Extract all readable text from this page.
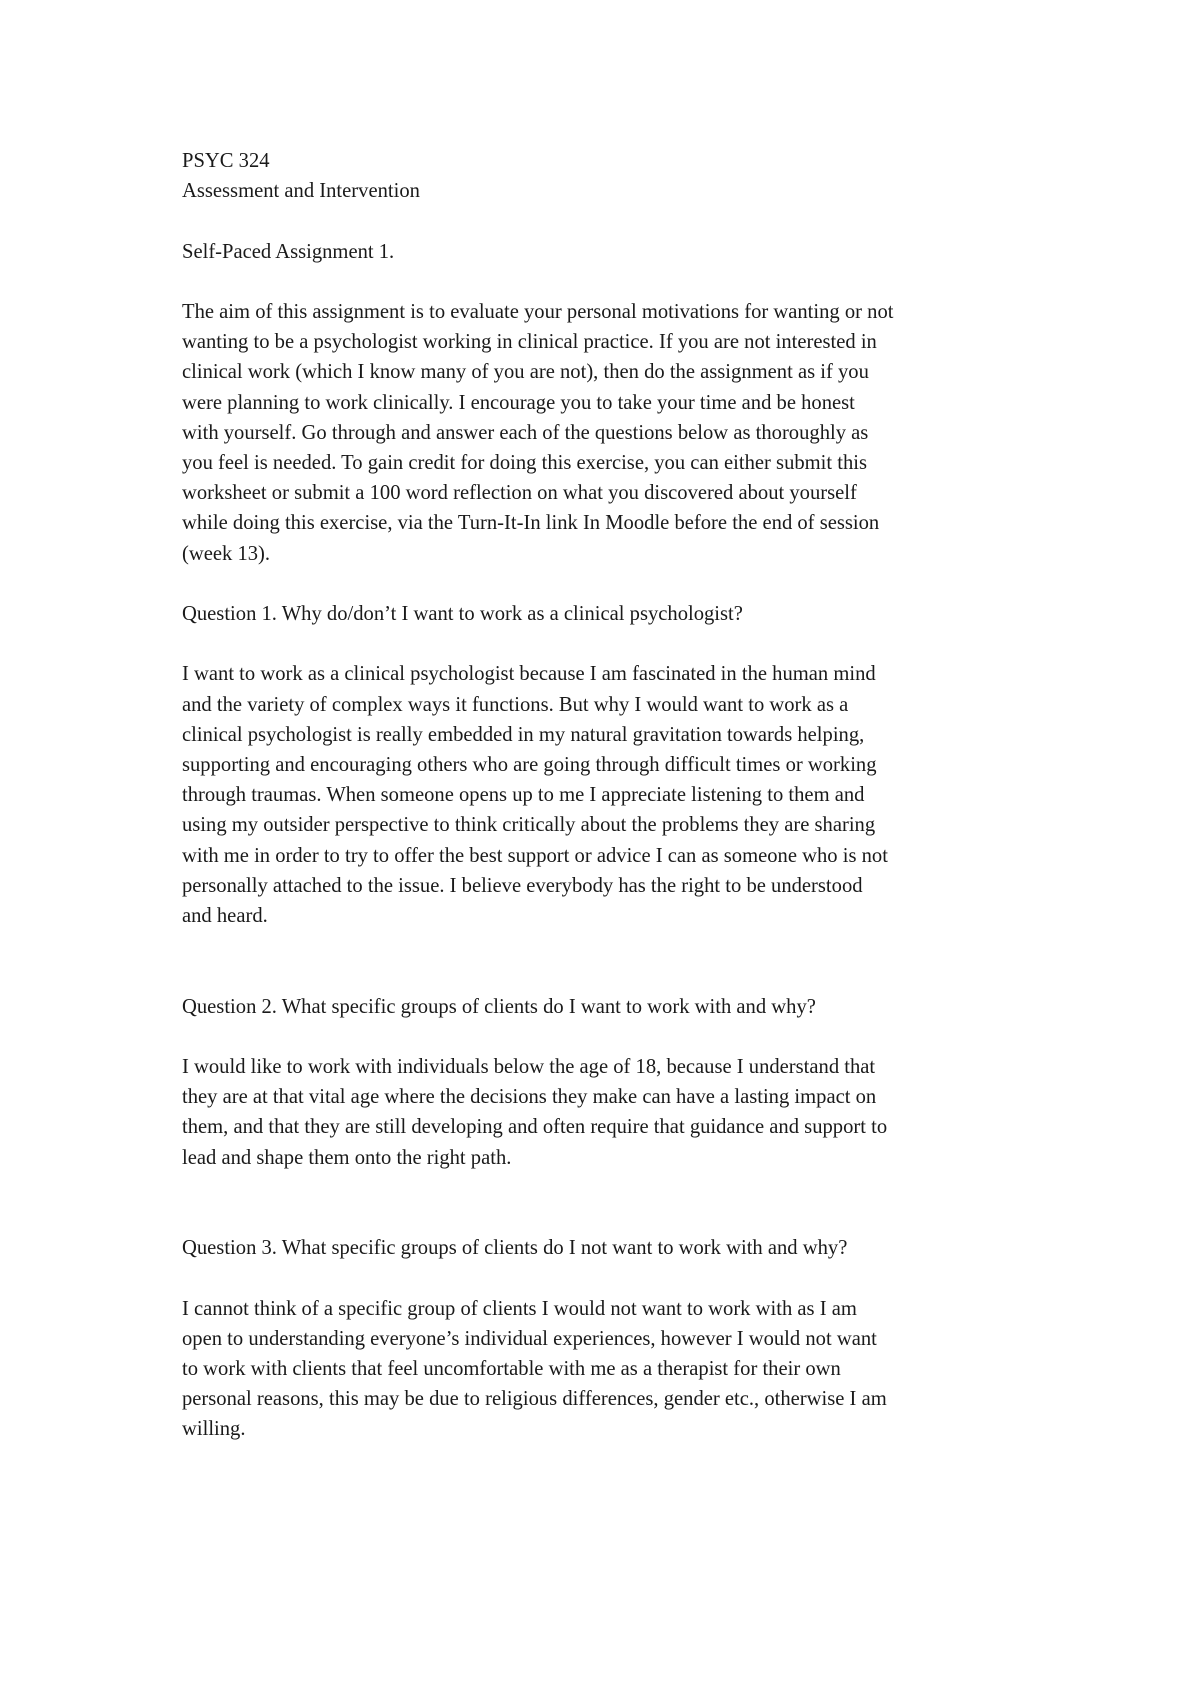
PSYC 324

Assessment and Intervention

Self-Paced Assignment 1.

The aim of this assignment is to evaluate your personal motivations for wanting or not
wanting to be a psychologist working in clinical practice. If you are not interested in
clinical work (which I know many of you are not), then do the assignment as if you
were planning to work clinically. I encourage you to take your time and be honest
with yourself. Go through and answer each of the questions below as thoroughly as
you feel is needed. To gain credit for doing this exercise, you can either submit this
worksheet or submit a 100 word reflection on what you discovered about yourself
while doing this exercise, via the Turn-It-In link In Moodle before the end of session
(week 13).

Question 1. Why do/don’t I want to work as a clinical psychologist?

I want to work as a clinical psychologist because I am fascinated in the human mind
and the variety of complex ways it functions. But why I would want to work as a
clinical psychologist is really embedded in my natural gravitation towards helping,
supporting and encouraging others who are going through difficult times or working
through traumas. When someone opens up to me I appreciate listening to them and
using my outsider perspective to think critically about the problems they are sharing
with me in order to try to offer the best support or advice I can as someone who is not
personally attached to the issue. I believe everybody has the right to be understood
and heard.

Question 2. What specific groups of clients do I want to work with and why?

I would like to work with individuals below the age of 18, because I understand that
they are at that vital age where the decisions they make can have a lasting impact on
them, and that they are still developing and often require that guidance and support to
lead and shape them onto the right path.

Question 3. What specific groups of clients do I not want to work with and why?

I cannot think of a specific group of clients I would not want to work with as I am
open to understanding everyone’s individual experiences, however I would not want
to work with clients that feel uncomfortable with me as a therapist for their own
personal reasons, this may be due to religious differences, gender etc., otherwise I am
willing.
